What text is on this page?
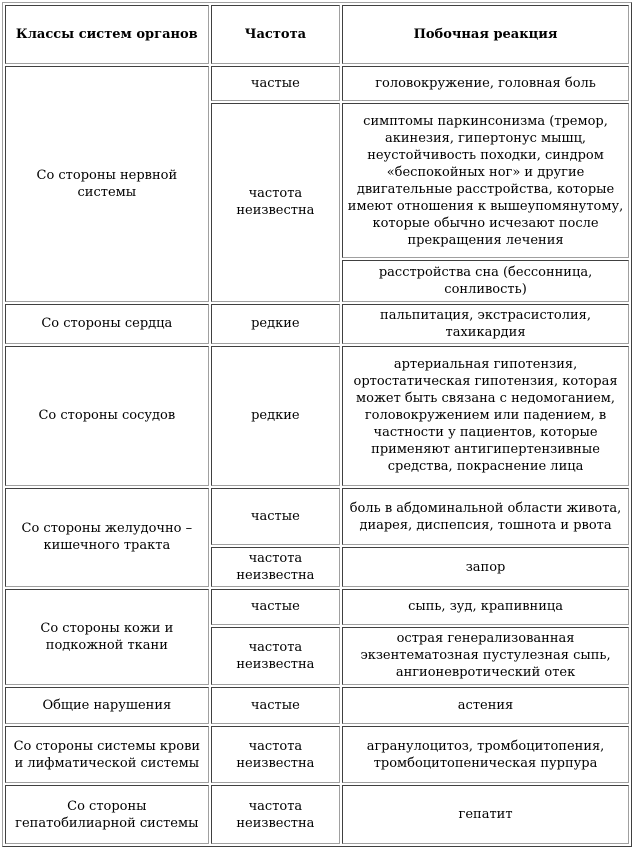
Классы систем органов	Частота	Побочная реакция
Со стороны нервной системы	частые	головокружение, головная боль
	частота неизвестна	симптомы паркинсонизма (тремор, акинезия, гипертонус мышц, неустойчивость походки, синдром «беспокойных ног» и другие двигательные расстройства, которые имеют отношения к вышеупомянутому, которые обычно исчезают после прекращения лечения
		расстройства сна (бессонница, сонливость)
Со стороны сердца	редкие	пальпитация, экстрасистолия, тахикардия
Со стороны сосудов	редкие	артериальная гипотензия, ортостатическая гипотензия, которая может быть связана с недомоганием, головокружением или падением, в частности у пациентов, которые применяют антигипертензивные средства, покраснение лица
Со стороны желудочно – кишечного тракта	частые	боль в абдоминальной области живота, диарея, диспепсия, тошнота и рвота
	частота неизвестна	запор
Со стороны кожи и подкожной ткани	частые	сыпь, зуд, крапивница
	частота неизвестна	острая генерализованная экзентематозная пустулезная сыпь, ангионевротический отек
Общие нарушения	частые	астения
Со стороны системы крови и лифматической системы	частота неизвестна	агранулоцитоз, тромбоцитопения, тромбоцитопеническая пурпура
Со стороны гепатобилиарной системы	частота неизвестна	гепатит
